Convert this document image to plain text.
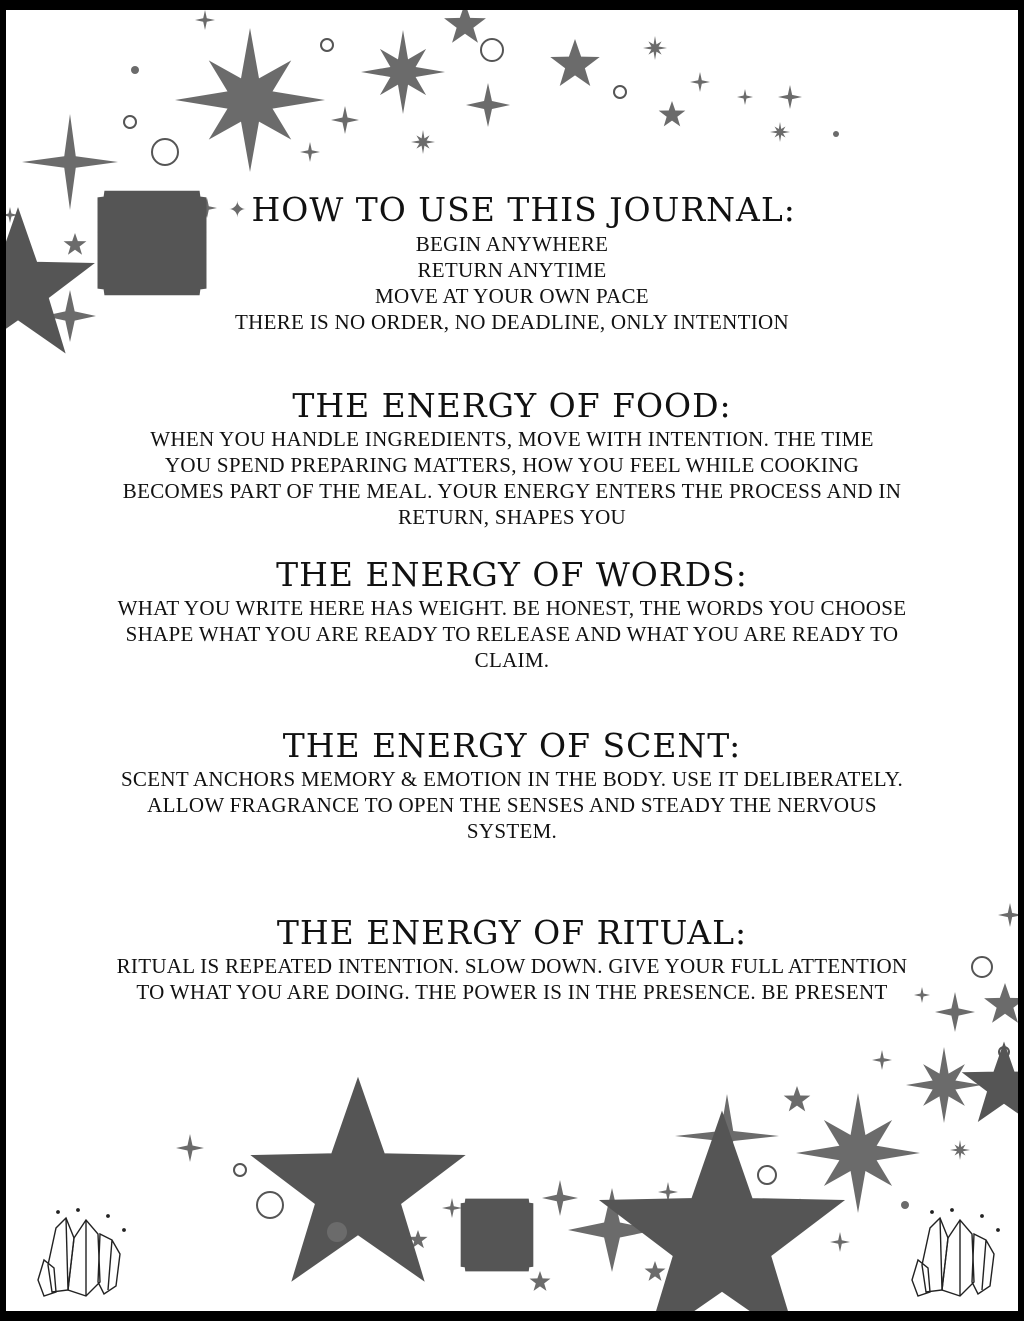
✦ HOW TO USE THIS JOURNAL:

BEGIN ANYWHERE
RETURN ANYTIME
MOVE AT YOUR OWN PACE
THERE IS NO ORDER, NO DEADLINE, ONLY INTENTION

THE ENERGY OF FOOD:

WHEN YOU HANDLE INGREDIENTS, MOVE WITH INTENTION. THE TIME
YOU SPEND PREPARING MATTERS, HOW YOU FEEL WHILE COOKING
BECOMES PART OF THE MEAL. YOUR ENERGY ENTERS THE PROCESS AND IN
RETURN, SHAPES YOU

THE ENERGY OF WORDS:

WHAT YOU WRITE HERE HAS WEIGHT. BE HONEST, THE WORDS YOU CHOOSE
SHAPE WHAT YOU ARE READY TO RELEASE AND WHAT YOU ARE READY TO
CLAIM.

THE ENERGY OF SCENT:

SCENT ANCHORS MEMORY & EMOTION IN THE BODY. USE IT DELIBERATELY.
ALLOW FRAGRANCE TO OPEN THE SENSES AND STEADY THE NERVOUS
SYSTEM.

THE ENERGY OF RITUAL:

RITUAL IS REPEATED INTENTION. SLOW DOWN. GIVE YOUR FULL ATTENTION
TO WHAT YOU ARE DOING. THE POWER IS IN THE PRESENCE. BE PRESENT
